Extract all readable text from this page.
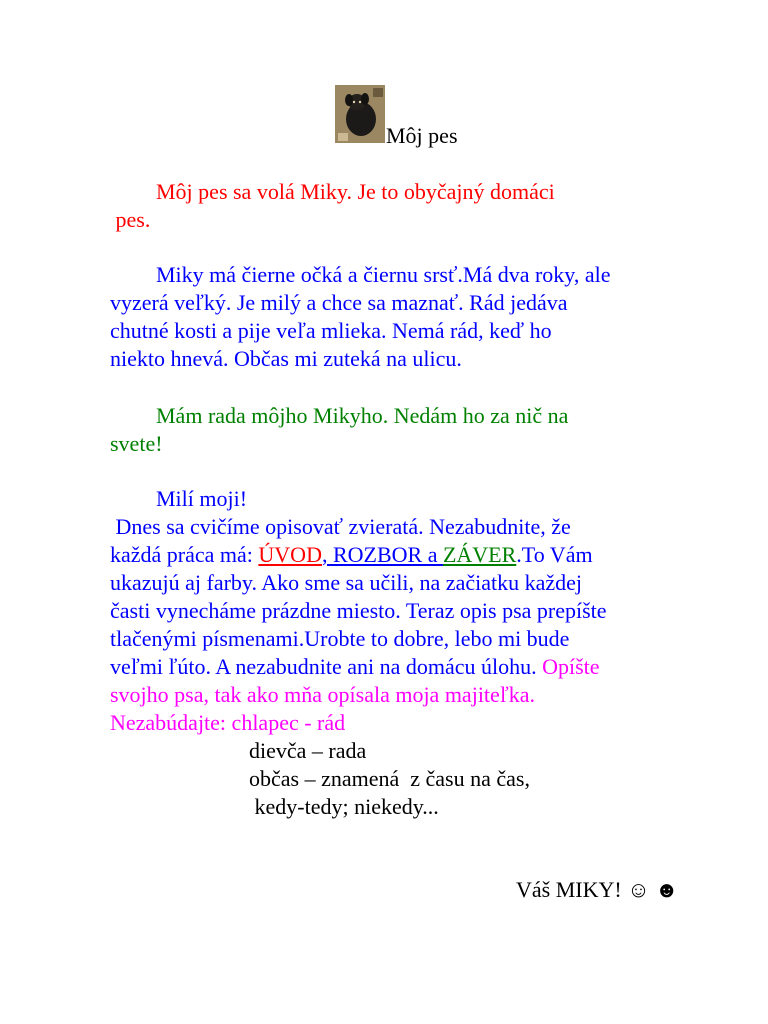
Môj pes
Môj pes sa volá Miky. Je to obyčajný domáci
pes.
Miky má čierne očká a čiernu srsť.Má dva roky, ale
vyzerá veľký. Je milý a chce sa maznať. Rád jedáva
chutné kosti a pije veľa mlieka. Nemá rád, keď ho
niekto hnevá. Občas mi zuteká na ulicu.
Mám rada môjho Mikyho. Nedám ho za nič na
svete!
Milí moji!
Dnes sa cvičíme opisovať zvieratá. Nezabudnite, že
každá práca má: ÚVOD, ROZBOR a ZÁVER.To Vám
ukazujú aj farby. Ako sme sa učili, na začiatku každej
časti vynecháme prázdne miesto. Teraz opis psa prepíšte
tlačenými písmenami.Urobte to dobre, lebo mi bude
veľmi ľúto. A nezabudnite ani na domácu úlohu. Opíšte
svojho psa, tak ako mňa opísala moja majiteľka.
Nezabúdajte: chlapec - rád
dievča – rada
občas – znamená  z času na čas,
kedy-tedy; niekedy...
Váš MIKY! ☺ ☻
